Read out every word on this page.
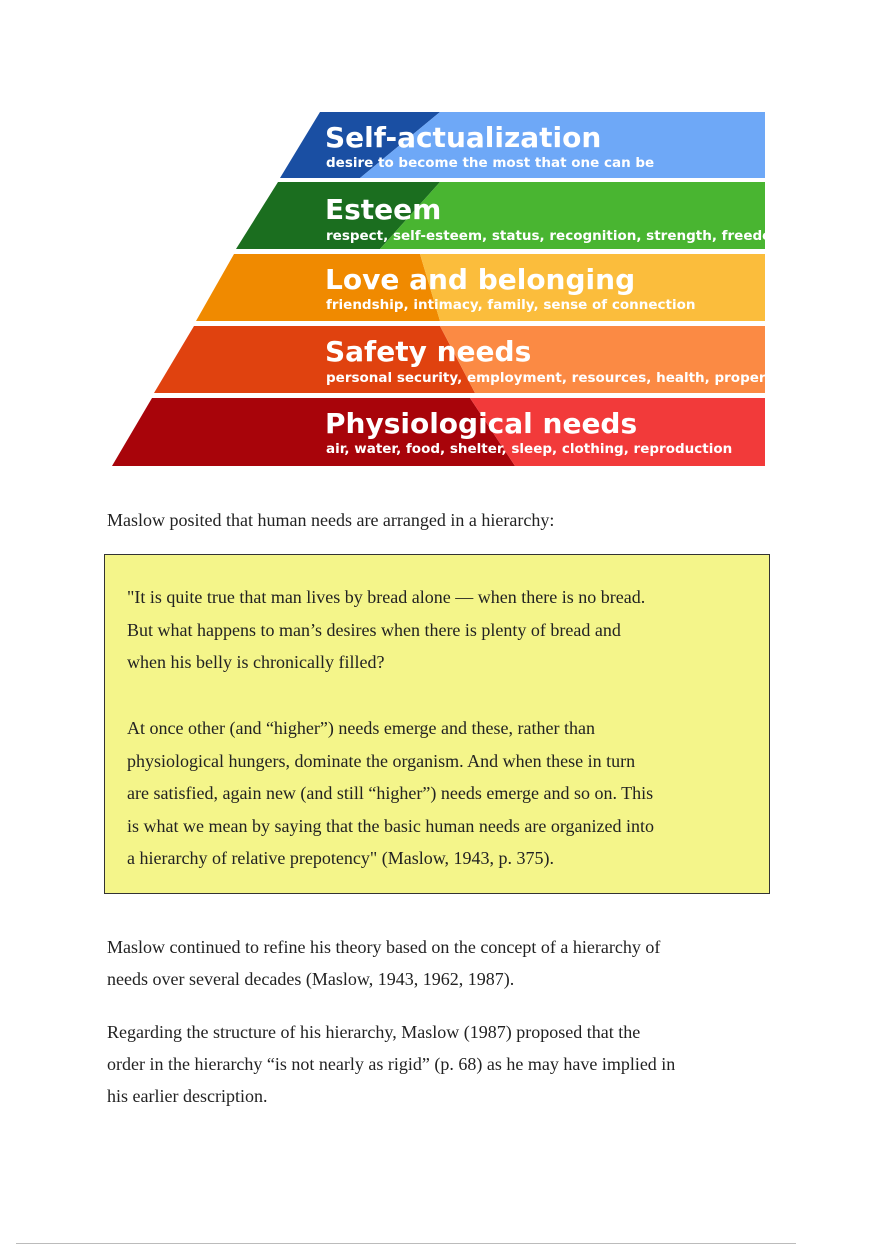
Self-actualization
desire to become the most that one can be
Esteem
respect, self-esteem, status, recognition, strength, freedom
Love and belonging
friendship, intimacy, family, sense of connection
Safety needs
personal security, employment, resources, health, property
Physiological needs
air, water, food, shelter, sleep, clothing, reproduction

Maslow posited that human needs are arranged in a hierarchy:

"It is quite true that man lives by bread alone — when there is no bread.
But what happens to man’s desires when there is plenty of bread and
when his belly is chronically filled?

At once other (and “higher”) needs emerge and these, rather than
physiological hungers, dominate the organism. And when these in turn
are satisfied, again new (and still “higher”) needs emerge and so on. This
is what we mean by saying that the basic human needs are organized into
a hierarchy of relative prepotency" (Maslow, 1943, p. 375).

Maslow continued to refine his theory based on the concept of a hierarchy of
needs over several decades (Maslow, 1943, 1962, 1987).

Regarding the structure of his hierarchy, Maslow (1987) proposed that the
order in the hierarchy “is not nearly as rigid” (p. 68) as he may have implied in
his earlier description.
